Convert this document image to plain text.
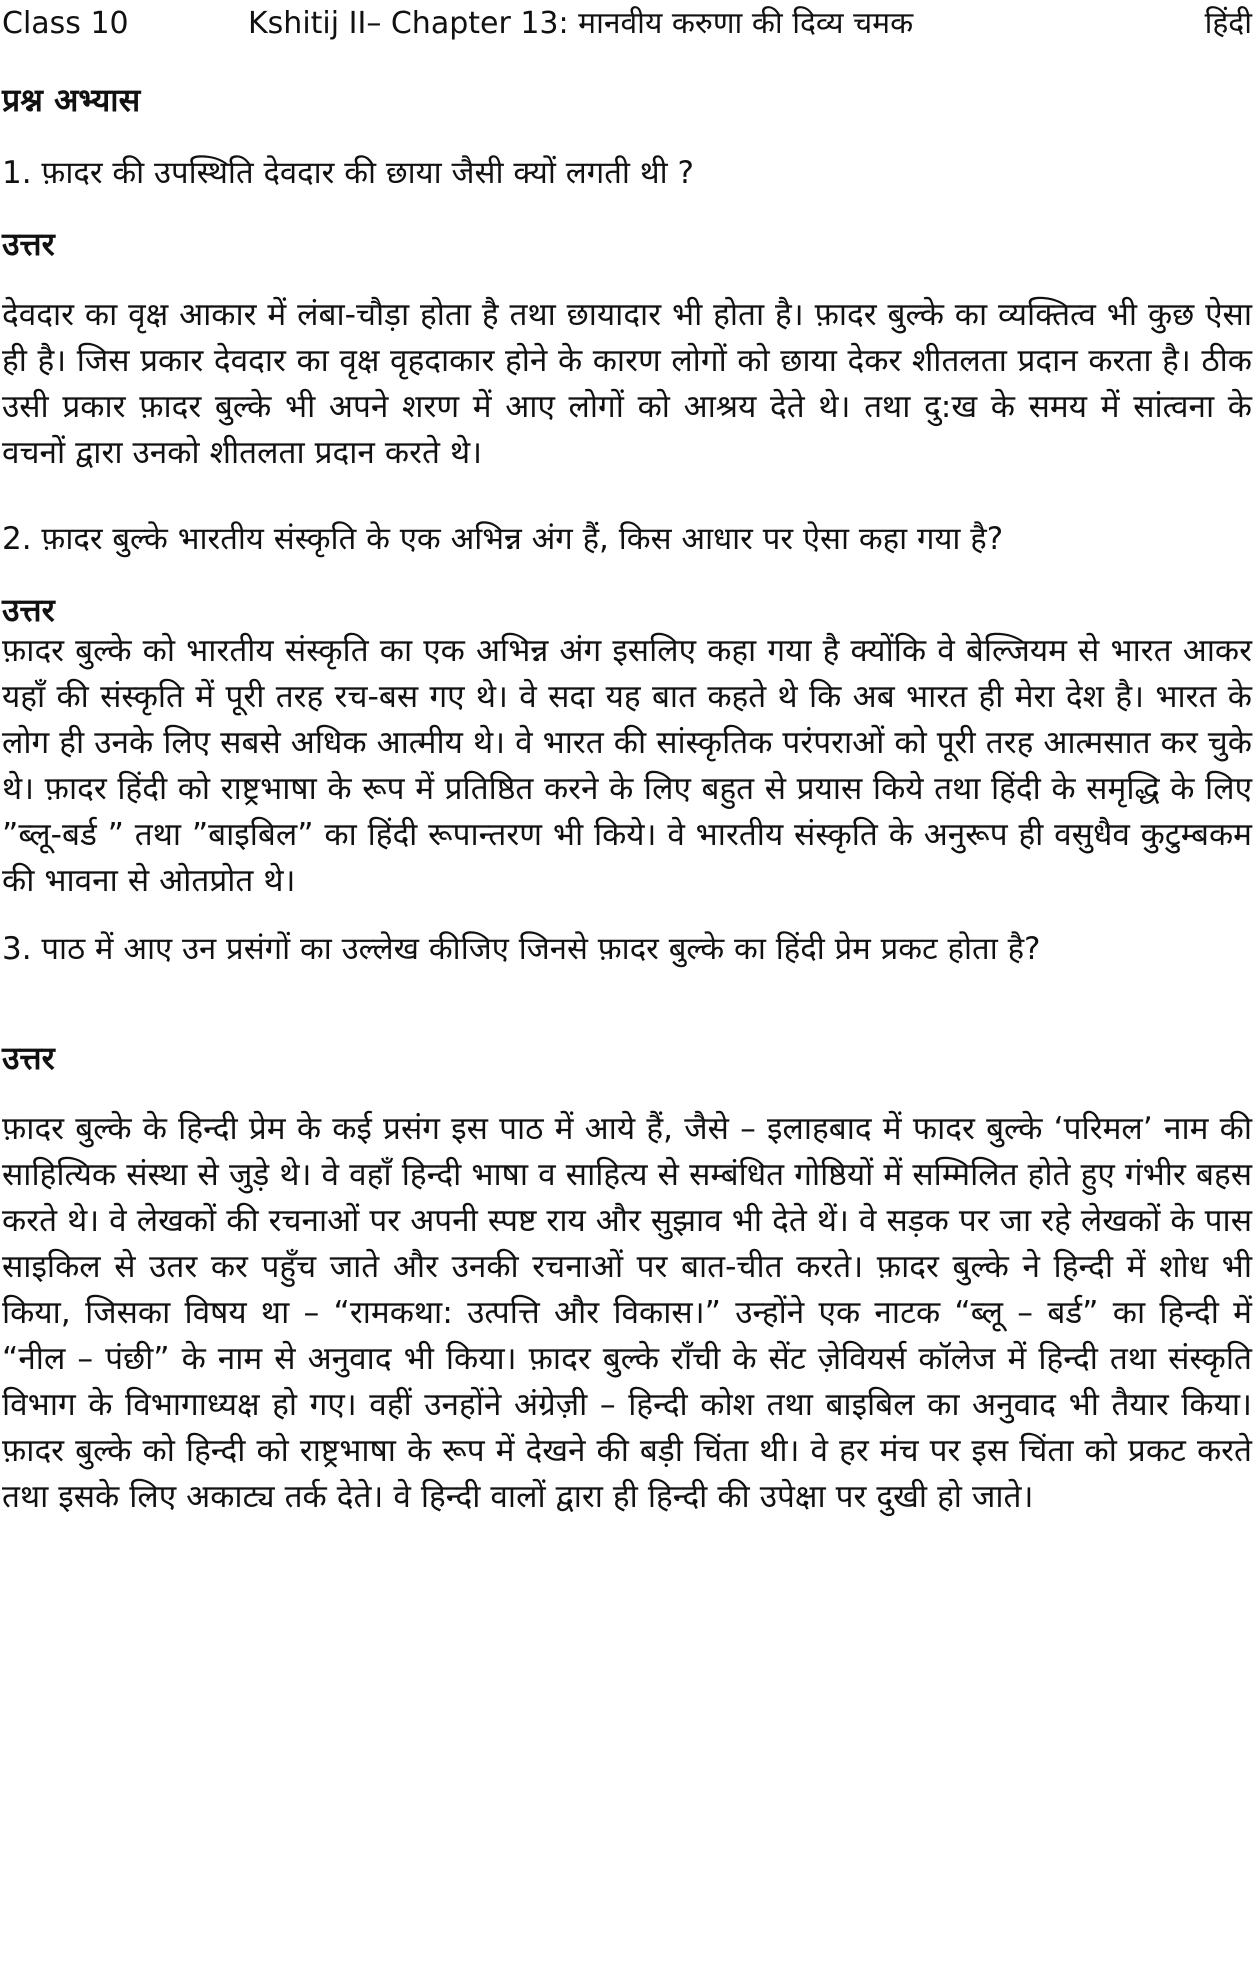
Class 10	Kshitij II– Chapter 13: मानवीय करुणा की दिव्य चमक	हिंदी
प्रश्न अभ्यास
1. फ़ादर की उपस्थिति देवदार की छाया जैसी क्यों लगती थी ?
उत्तर
देवदार का वृक्ष आकार में लंबा-चौड़ा होता है तथा छायादार भी होता है। फ़ादर बुल्के का व्यक्तित्व भी कुछ ऐसा ही है। जिस प्रकार देवदार का वृक्ष वृहदाकार होने के कारण लोगों को छाया देकर शीतलता प्रदान करता है। ठीक उसी प्रकार फ़ादर बुल्के भी अपने शरण में आए लोगों को आश्रय देते थे। तथा दु:ख के समय में सांत्वना के वचनों द्वारा उनको शीतलता प्रदान करते थे।
2. फ़ादर बुल्के भारतीय संस्कृति के एक अभिन्न अंग हैं, किस आधार पर ऐसा कहा गया है?
उत्तर
फ़ादर बुल्के को भारतीय संस्कृति का एक अभिन्न अंग इसलिए कहा गया है क्योंकि वे बेल्जियम से भारत आकर यहाँ की संस्कृति में पूरी तरह रच-बस गए थे। वे सदा यह बात कहते थे कि अब भारत ही मेरा देश है। भारत के लोग ही उनके लिए सबसे अधिक आत्मीय थे। वे भारत की सांस्कृतिक परंपराओं को पूरी तरह आत्मसात कर चुके थे। फ़ादर हिंदी को राष्ट्रभाषा के रूप में प्रतिष्ठित करने के लिए बहुत से प्रयास किये तथा हिंदी के समृद्धि के लिए ”ब्लू-बर्ड ” तथा ”बाइबिल” का हिंदी रूपान्तरण भी किये। वे भारतीय संस्कृति के अनुरूप ही वसुधैव कुटुम्बकम की भावना से ओतप्रोत थे।
3. पाठ में आए उन प्रसंगों का उल्लेख कीजिए जिनसे फ़ादर बुल्के का हिंदी प्रेम प्रकट होता है?
उत्तर
फ़ादर बुल्के के हिन्दी प्रेम के कई प्रसंग इस पाठ में आये हैं, जैसे – इलाहबाद में फादर बुल्के ‘परिमल’ नाम की साहित्यिक संस्था से जुड़े थे। वे वहाँ हिन्दी भाषा व साहित्य से सम्बंधित गोष्ठियों में सम्मिलित होते हुए गंभीर बहस करते थे। वे लेखकों की रचनाओं पर अपनी स्पष्ट राय और सुझाव भी देते थें। वे सड़क पर जा रहे लेखकों के पास साइकिल से उतर कर पहुँच जाते और उनकी रचनाओं पर बात-चीत करते। फ़ादर बुल्के ने हिन्दी में शोध भी किया, जिसका विषय था – “रामकथा: उत्पत्ति और विकास।” उन्होंने एक नाटक “ब्लू – बर्ड” का हिन्दी में “नील – पंछी” के नाम से अनुवाद भी किया। फ़ादर बुल्के राँची के सेंट ज़ेवियर्स कॉलेज में हिन्दी तथा संस्कृति विभाग के विभागाध्यक्ष हो गए। वहीं उनहोंने अंग्रेज़ी – हिन्दी कोश तथा बाइबिल का अनुवाद भी तैयार किया। फ़ादर बुल्के को हिन्दी को राष्ट्रभाषा के रूप में देखने की बड़ी चिंता थी। वे हर मंच पर इस चिंता को प्रकट करते तथा इसके लिए अकाट्य तर्क देते। वे हिन्दी वालों द्वारा ही हिन्दी की उपेक्षा पर दुखी हो जाते।
